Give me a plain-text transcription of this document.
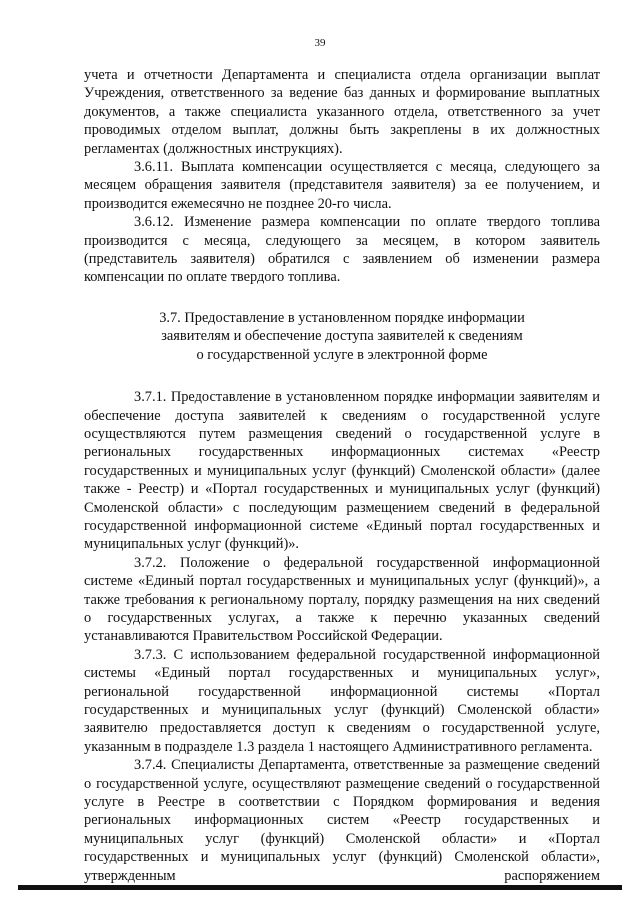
39

учета и отчетности Департамента и специалиста отдела организации выплат Учреждения, ответственного за ведение баз данных и формирование выплатных документов, а также специалиста указанного отдела, ответственного за учет проводимых отделом выплат, должны быть закреплены в их должностных регламентах (должностных инструкциях).

3.6.11. Выплата компенсации осуществляется с месяца, следующего за месяцем обращения заявителя (представителя заявителя) за ее получением, и производится ежемесячно не позднее 20-го числа.

3.6.12. Изменение размера компенсации по оплате твердого топлива производится с месяца, следующего за месяцем, в котором заявитель (представитель заявителя) обратился с заявлением об изменении размера компенсации по оплате твердого топлива.

3.7. Предоставление в установленном порядке информации
заявителям и обеспечение доступа заявителей к сведениям
о государственной услуге в электронной форме

3.7.1. Предоставление в установленном порядке информации заявителям и обеспечение доступа заявителей к сведениям о государственной услуге осуществляются путем размещения сведений о государственной услуге в региональных государственных информационных системах «Реестр государственных и муниципальных услуг (функций) Смоленской области» (далее также - Реестр) и «Портал государственных и муниципальных услуг (функций) Смоленской области» с последующим размещением сведений в федеральной государственной информационной системе «Единый портал государственных и муниципальных услуг (функций)».

3.7.2. Положение о федеральной государственной информационной системе «Единый портал государственных и муниципальных услуг (функций)», а также требования к региональному порталу, порядку размещения на них сведений о государственных услугах, а также к перечню указанных сведений устанавливаются Правительством Российской Федерации.

3.7.3. С использованием федеральной государственной информационной системы «Единый портал государственных и муниципальных услуг», региональной государственной информационной системы «Портал государственных и муниципальных услуг (функций) Смоленской области» заявителю предоставляется доступ к сведениям о государственной услуге, указанным в подразделе 1.3 раздела 1 настоящего Административного регламента.

3.7.4. Специалисты Департамента, ответственные за размещение сведений о государственной услуге, осуществляют размещение сведений о государственной услуге в Реестре в соответствии с Порядком формирования и ведения региональных информационных систем «Реестр государственных и муниципальных услуг (функций) Смоленской области» и «Портал государственных и муниципальных услуг (функций) Смоленской области», утвержденным распоряжением
